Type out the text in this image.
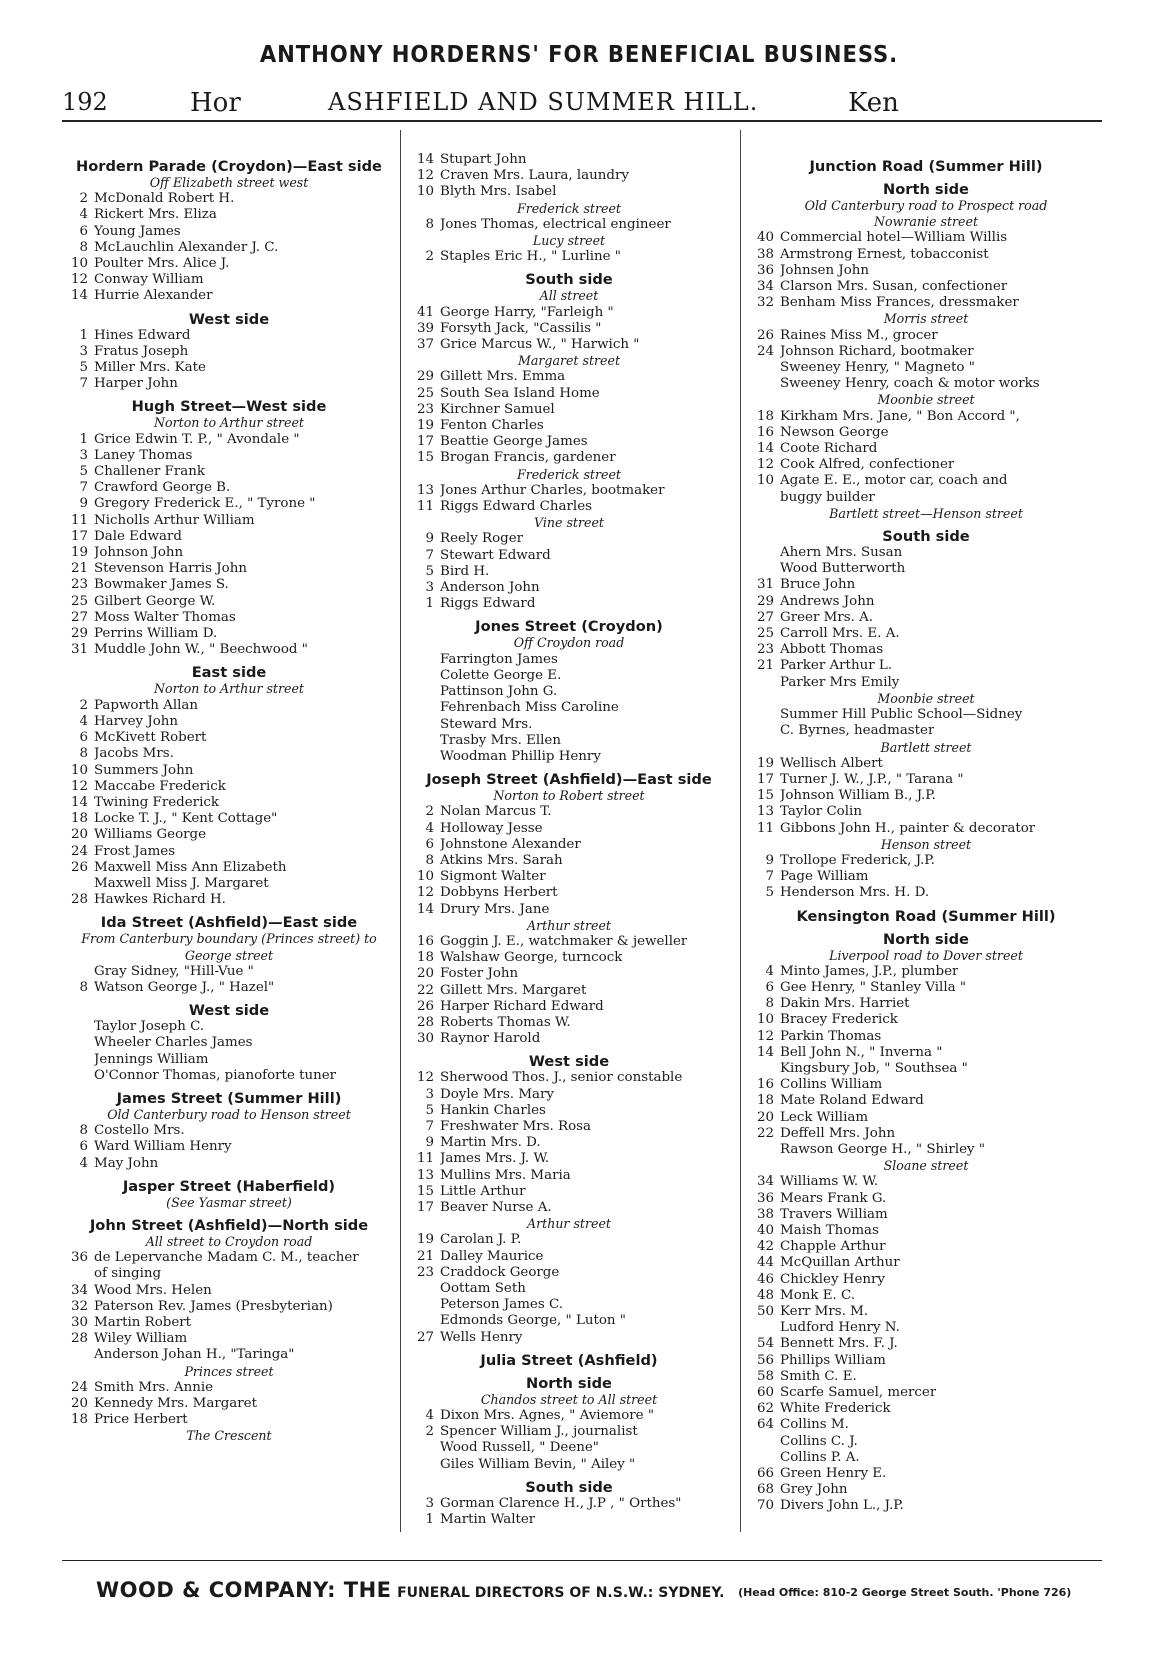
ANTHONY HORDERNS' FOR BENEFICIAL BUSINESS.
192	Hor	ASHFIELD AND SUMMER HILL.	Ken
Hordern Parade (Croydon)—East side
Off Elizabeth street west
2 McDonald Robert H.
4 Rickert Mrs. Eliza
6 Young James
8 McLauchlin Alexander J. C.
10 Poulter Mrs. Alice J.
12 Conway William
14 Hurrie Alexander
West side
1 Hines Edward
3 Fratus Joseph
5 Miller Mrs. Kate
7 Harper John
Hugh Street—West side
Norton to Arthur street
1 Grice Edwin T. P., " Avondale "
3 Laney Thomas
5 Challener Frank
7 Crawford George B.
9 Gregory Frederick E., " Tyrone "
11 Nicholls Arthur William
17 Dale Edward
19 Johnson John
21 Stevenson Harris John
23 Bowmaker James S.
25 Gilbert George W.
27 Moss Walter Thomas
29 Perrins William D.
31 Muddle John W., " Beechwood "
East side
Norton to Arthur street
2 Papworth Allan
4 Harvey John
6 McKivett Robert
8 Jacobs Mrs.
10 Summers John
12 Maccabe Frederick
14 Twining Frederick
18 Locke T. J., " Kent Cottage"
20 Williams George
24 Frost James
26 Maxwell Miss Ann Elizabeth
Maxwell Miss J. Margaret
28 Hawkes Richard H.
Ida Street (Ashfield)—East side
From Canterbury boundary (Princes street) to George street
Gray Sidney, "Hill-Vue "
8 Watson George J., " Hazel"
West side
Taylor Joseph C.
Wheeler Charles James
Jennings William
O'Connor Thomas, pianoforte tuner
James Street (Summer Hill)
Old Canterbury road to Henson street
8 Costello Mrs.
6 Ward William Henry
4 May John
Jasper Street (Haberfield)
(See Yasmar street)
John Street (Ashfield)—North side
All street to Croydon road
36 de Lepervanche Madam C. M., teacher
of singing
34 Wood Mrs. Helen
32 Paterson Rev. James (Presbyterian)
30 Martin Robert
28 Wiley William
Anderson Johan H., "Taringa"
Princes street
24 Smith Mrs. Annie
20 Kennedy Mrs. Margaret
18 Price Herbert
The Crescent
14 Stupart John
12 Craven Mrs. Laura, laundry
10 Blyth Mrs. Isabel
Frederick street
8 Jones Thomas, electrical engineer
Lucy street
2 Staples Eric H., " Lurline "
South side
All street
41 George Harry, "Farleigh "
39 Forsyth Jack, "Cassilis "
37 Grice Marcus W., " Harwich "
Margaret street
29 Gillett Mrs. Emma
25 South Sea Island Home
23 Kirchner Samuel
19 Fenton Charles
17 Beattie George James
15 Brogan Francis, gardener
Frederick street
13 Jones Arthur Charles, bootmaker
11 Riggs Edward Charles
Vine street
9 Reely Roger
7 Stewart Edward
5 Bird H.
3 Anderson John
1 Riggs Edward
Jones Street (Croydon)
Off Croydon road
Farrington James
Colette George E.
Pattinson John G.
Fehrenbach Miss Caroline
Steward Mrs.
Trasby Mrs. Ellen
Woodman Phillip Henry
Joseph Street (Ashfield)—East side
Norton to Robert street
2 Nolan Marcus T.
4 Holloway Jesse
6 Johnstone Alexander
8 Atkins Mrs. Sarah
10 Sigmont Walter
12 Dobbyns Herbert
14 Drury Mrs. Jane
Arthur street
16 Goggin J. E., watchmaker & jeweller
18 Walshaw George, turncock
20 Foster John
22 Gillett Mrs. Margaret
26 Harper Richard Edward
28 Roberts Thomas W.
30 Raynor Harold
West side
12 Sherwood Thos. J., senior constable
3 Doyle Mrs. Mary
5 Hankin Charles
7 Freshwater Mrs. Rosa
9 Martin Mrs. D.
11 James Mrs. J. W.
13 Mullins Mrs. Maria
15 Little Arthur
17 Beaver Nurse A.
Arthur street
19 Carolan J. P.
21 Dalley Maurice
23 Craddock George
Oottam Seth
Peterson James C.
Edmonds George, " Luton "
27 Wells Henry
Julia Street (Ashfield)
North side
Chandos street to All street
4 Dixon Mrs. Agnes, " Aviemore "
2 Spencer William J., journalist
Wood Russell, " Deene"
Giles William Bevin, " Ailey "
South side
3 Gorman Clarence H., J.P , " Orthes"
1 Martin Walter
Junction Road (Summer Hill)
North side
Old Canterbury road to Prospect road
Nowranie street
40 Commercial hotel—William Willis
38 Armstrong Ernest, tobacconist
36 Johnsen John
34 Clarson Mrs. Susan, confectioner
32 Benham Miss Frances, dressmaker
Morris street
26 Raines Miss M., grocer
24 Johnson Richard, bootmaker
Sweeney Henry, " Magneto "
Sweeney Henry, coach & motor works
Moonbie street
18 Kirkham Mrs. Jane, " Bon Accord ",
16 Newson George
14 Coote Richard
12 Cook Alfred, confectioner
10 Agate E. E., motor car, coach and
buggy builder
Bartlett street—Henson street
South side
Ahern Mrs. Susan
Wood Butterworth
31 Bruce John
29 Andrews John
27 Greer Mrs. A.
25 Carroll Mrs. E. A.
23 Abbott Thomas
21 Parker Arthur L.
Parker Mrs Emily
Moonbie street
Summer Hill Public School—Sidney
C. Byrnes, headmaster
Bartlett street
19 Wellisch Albert
17 Turner J. W., J.P., " Tarana "
15 Johnson William B., J.P.
13 Taylor Colin
11 Gibbons John H., painter & decorator
Henson street
9 Trollope Frederick, J.P.
7 Page William
5 Henderson Mrs. H. D.
Kensington Road (Summer Hill)
North side
Liverpool road to Dover street
4 Minto James, J.P., plumber
6 Gee Henry, " Stanley Villa "
8 Dakin Mrs. Harriet
10 Bracey Frederick
12 Parkin Thomas
14 Bell John N., " Inverna "
Kingsbury Job, " Southsea "
16 Collins William
18 Mate Roland Edward
20 Leck William
22 Deffell Mrs. John
Rawson George H., " Shirley "
Sloane street
34 Williams W. W.
36 Mears Frank G.
38 Travers William
40 Maish Thomas
42 Chapple Arthur
44 McQuillan Arthur
46 Chickley Henry
48 Monk E. C.
50 Kerr Mrs. M.
Ludford Henry N.
54 Bennett Mrs. F. J.
56 Phillips William
58 Smith C. E.
60 Scarfe Samuel, mercer
62 White Frederick
64 Collins M.
Collins C. J.
Collins P. A.
66 Green Henry E.
68 Grey John
70 Divers John L., J.P.
WOOD & COMPANY: THE FUNERAL DIRECTORS OF N.S.W.: SYDNEY. (Head Office: 810-2 George Street South. 'Phone 726)
